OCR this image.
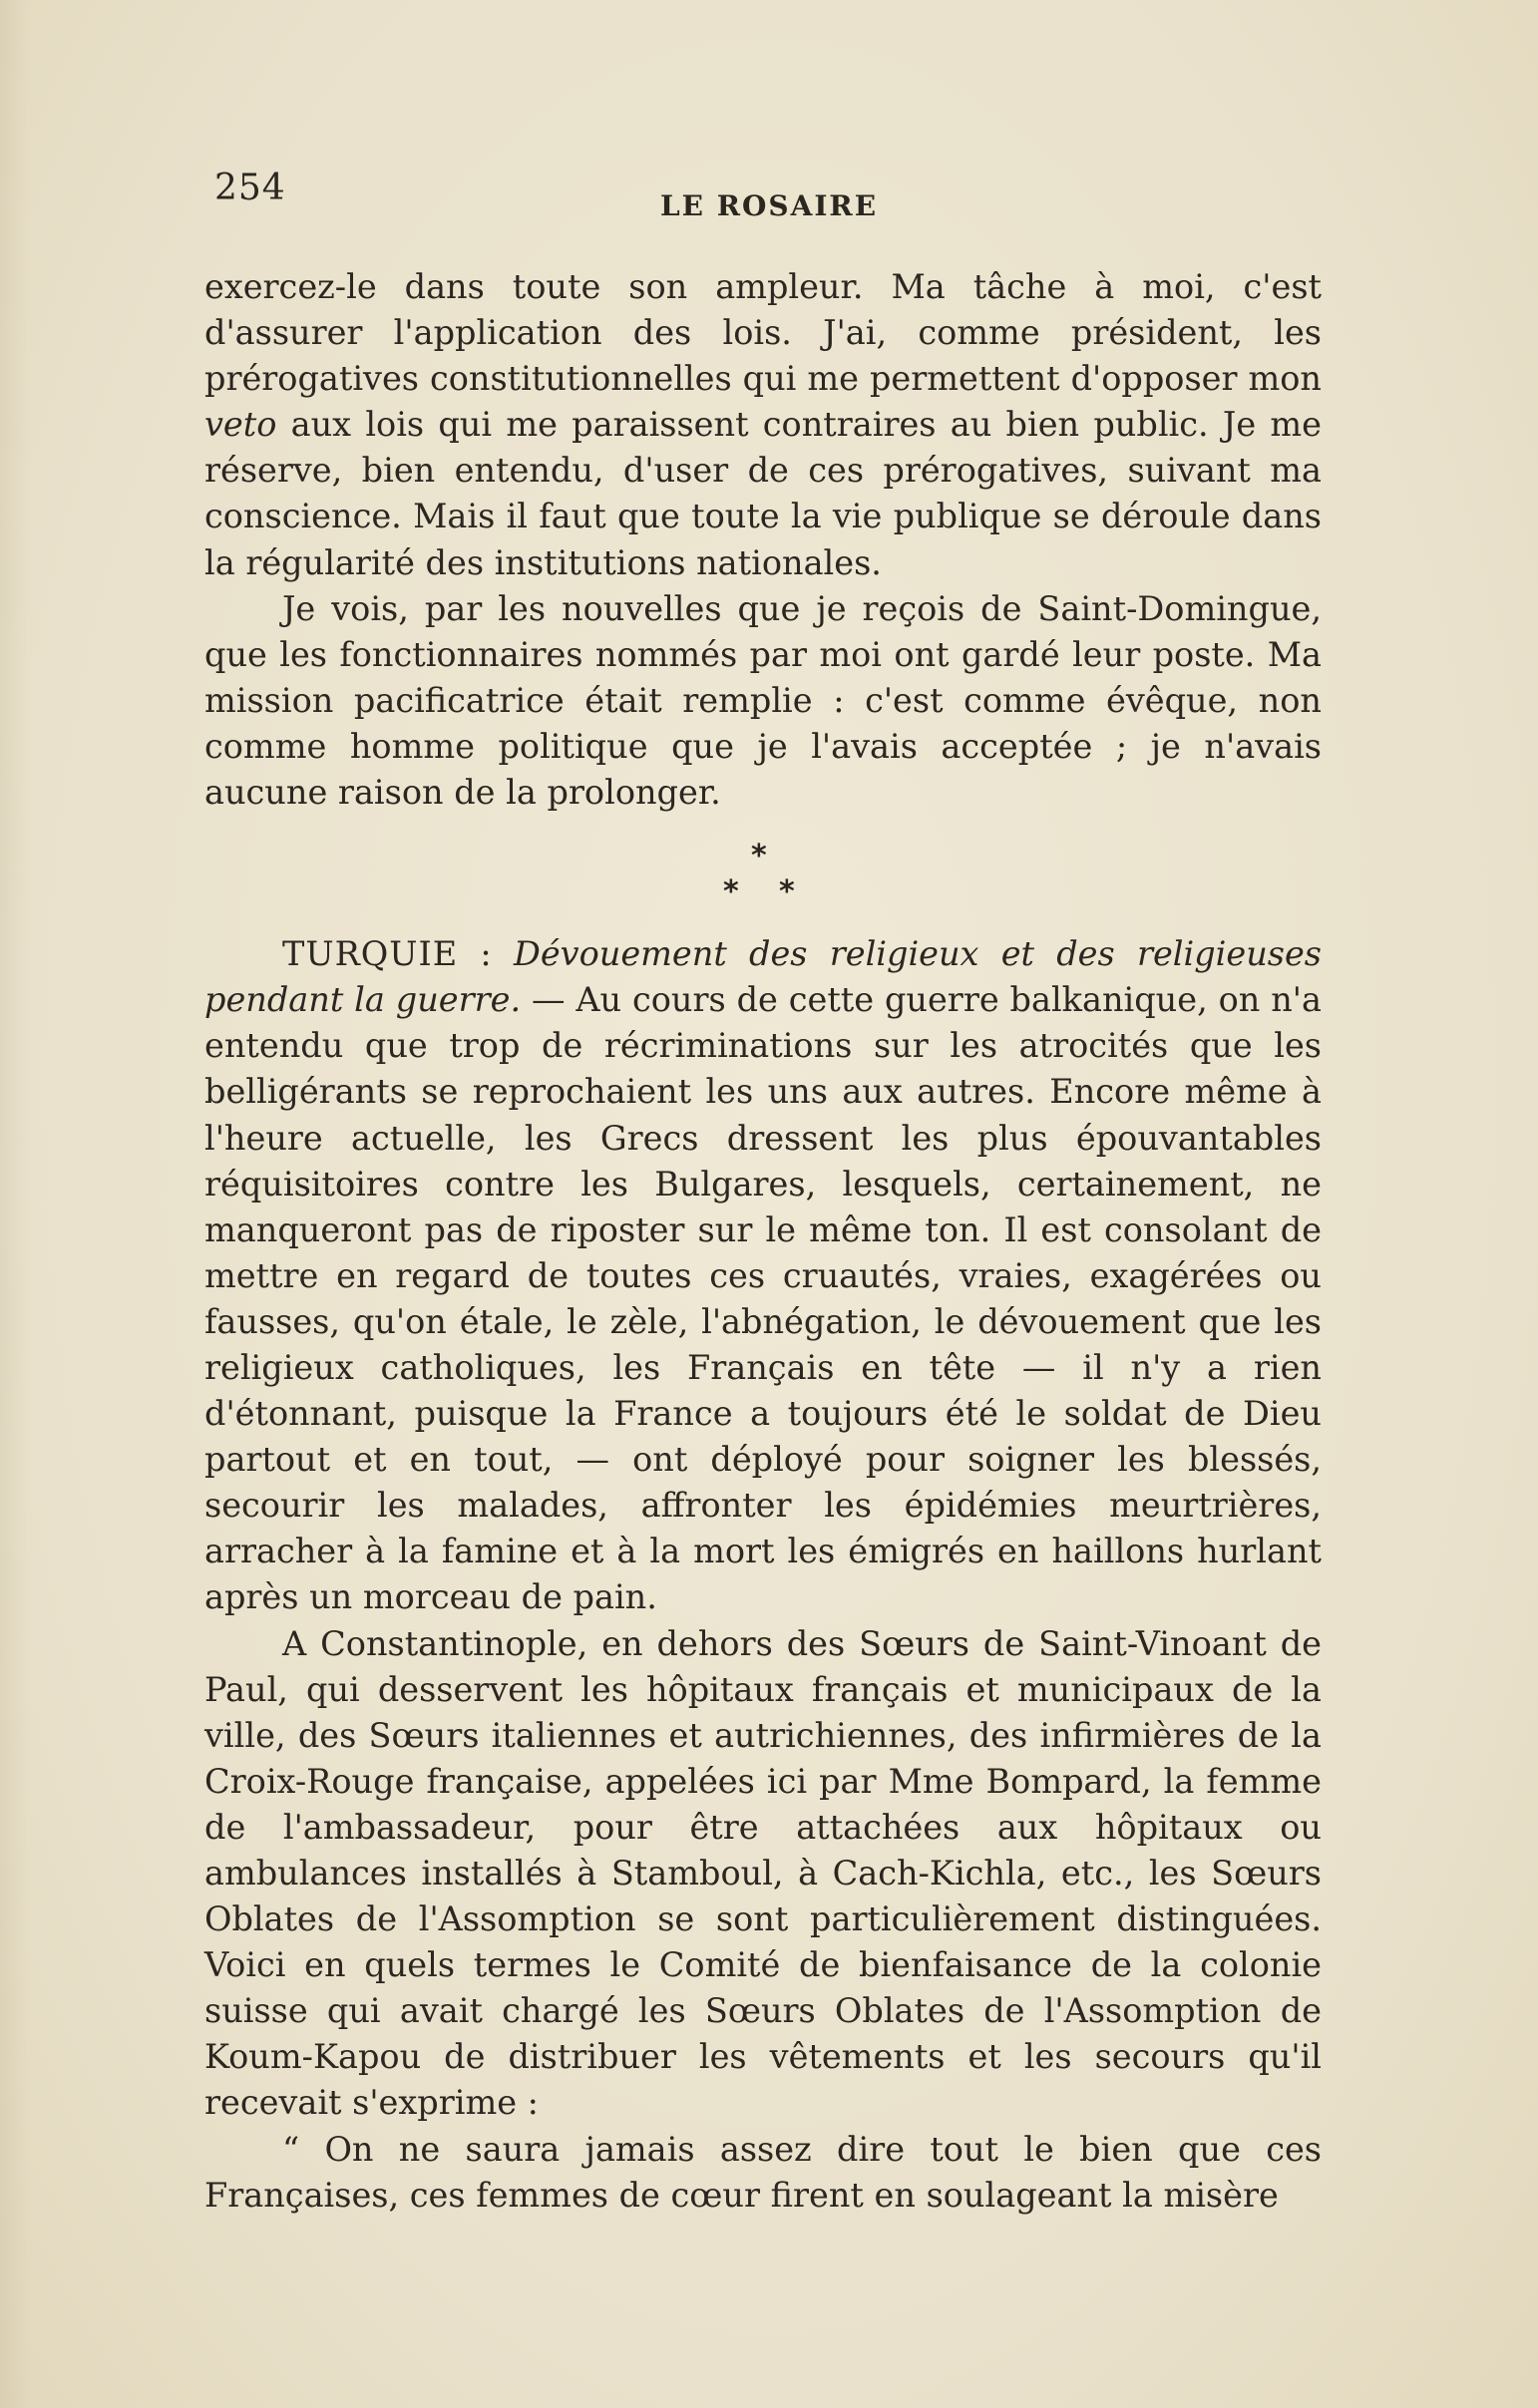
254	LE ROSAIRE

exercez-le dans toute son ampleur. Ma tâche à moi, c'est d'assurer l'application des lois. J'ai, comme président, les prérogatives constitutionnelles qui me permettent d'opposer mon veto aux lois qui me paraissent contraires au bien public. Je me réserve, bien entendu, d'user de ces prérogatives, suivant ma conscience. Mais il faut que toute la vie publique se déroule dans la régularité des institutions nationales.

Je vois, par les nouvelles que je reçois de Saint-Domingue, que les fonctionnaires nommés par moi ont gardé leur poste. Ma mission pacificatrice était remplie : c'est comme évêque, non comme homme politique que je l'avais acceptée ; je n'avais aucune raison de la prolonger.

*
* *

TURQUIE : Dévouement des religieux et des religieuses pendant la guerre. — Au cours de cette guerre balkanique, on n'a entendu que trop de récriminations sur les atrocités que les belligérants se reprochaient les uns aux autres. Encore même à l'heure actuelle, les Grecs dressent les plus épouvantables réquisitoires contre les Bulgares, lesquels, certainement, ne manqueront pas de riposter sur le même ton. Il est consolant de mettre en regard de toutes ces cruautés, vraies, exagérées ou fausses, qu'on étale, le zèle, l'abnégation, le dévouement que les religieux catholiques, les Français en tête — il n'y a rien d'étonnant, puisque la France a toujours été le soldat de Dieu partout et en tout, — ont déployé pour soigner les blessés, secourir les malades, affronter les épidémies meurtrières, arracher à la famine et à la mort les émigrés en haillons hurlant après un morceau de pain.

A Constantinople, en dehors des Sœurs de Saint-Vinoant de Paul, qui desservent les hôpitaux français et municipaux de la ville, des Sœurs italiennes et autrichiennes, des infirmières de la Croix-Rouge française, appelées ici par Mme Bompard, la femme de l'ambassadeur, pour être attachées aux hôpitaux ou ambulances installés à Stamboul, à Cach-Kichla, etc., les Sœurs Oblates de l'Assomption se sont particulièrement distinguées. Voici en quels termes le Comité de bienfaisance de la colonie suisse qui avait chargé les Sœurs Oblates de l'Assomption de Koum-Kapou de distribuer les vêtements et les secours qu'il recevait s'exprime :

“ On ne saura jamais assez dire tout le bien que ces Françaises, ces femmes de cœur firent en soulageant la misère
